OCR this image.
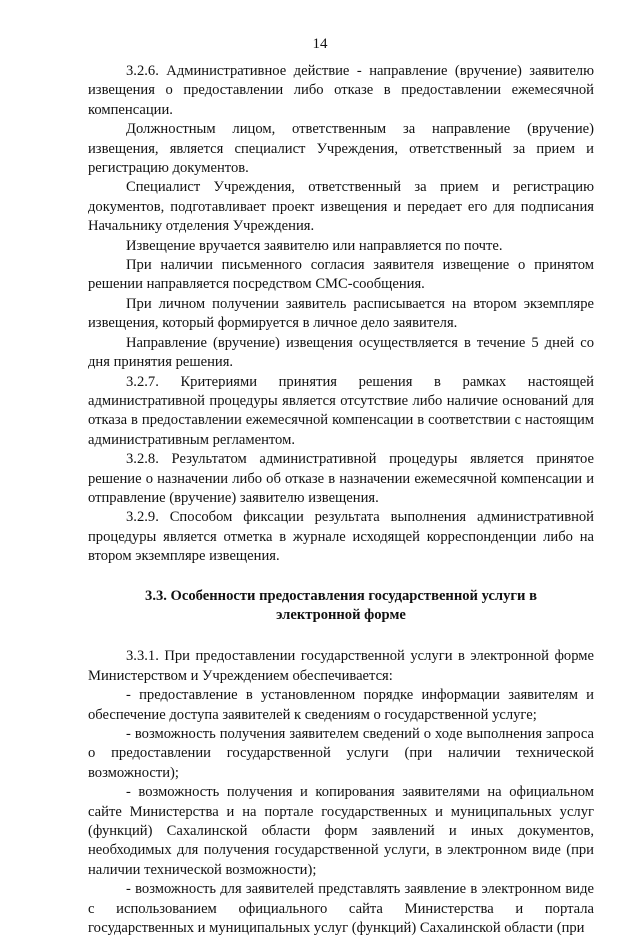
14

3.2.6. Административное действие - направление (вручение) заявителю извещения о предоставлении либо отказе в предоставлении ежемесячной компенсации.

Должностным лицом, ответственным за направление (вручение) извещения, является специалист Учреждения, ответственный за прием и регистрацию документов.

Специалист Учреждения, ответственный за прием и регистрацию документов, подготавливает проект извещения и передает его для подписания Начальнику отделения Учреждения.

Извещение вручается заявителю или направляется по почте.

При наличии письменного согласия заявителя извещение о принятом решении направляется посредством СМС-сообщения.

При личном получении заявитель расписывается на втором экземпляре извещения, который формируется в личное дело заявителя.

Направление (вручение) извещения осуществляется в течение 5 дней со дня принятия решения.

3.2.7. Критериями принятия решения в рамках настоящей административной процедуры является отсутствие либо наличие оснований для отказа в предоставлении ежемесячной компенсации в соответствии с настоящим административным регламентом.

3.2.8. Результатом административной процедуры является принятое решение о назначении либо об отказе в назначении ежемесячной компенсации и отправление (вручение) заявителю извещения.

3.2.9. Способом фиксации результата выполнения административной процедуры является отметка в журнале исходящей корреспонденции либо на втором экземпляре извещения.

3.3. Особенности предоставления государственной услуги в электронной форме

3.3.1. При предоставлении государственной услуги в электронной форме Министерством и Учреждением обеспечивается:

- предоставление в установленном порядке информации заявителям и обеспечение доступа заявителей к сведениям о государственной услуге;

- возможность получения заявителем сведений о ходе выполнения запроса о предоставлении государственной услуги (при наличии технической возможности);

- возможность получения и копирования заявителями на официальном сайте Министерства и на портале государственных и муниципальных услуг (функций) Сахалинской области форм заявлений и иных документов, необходимых для получения государственной услуги, в электронном виде (при наличии технической возможности);

- возможность для заявителей представлять заявление в электронном виде с использованием официального сайта Министерства и портала государственных и муниципальных услуг (функций) Сахалинской области (при
